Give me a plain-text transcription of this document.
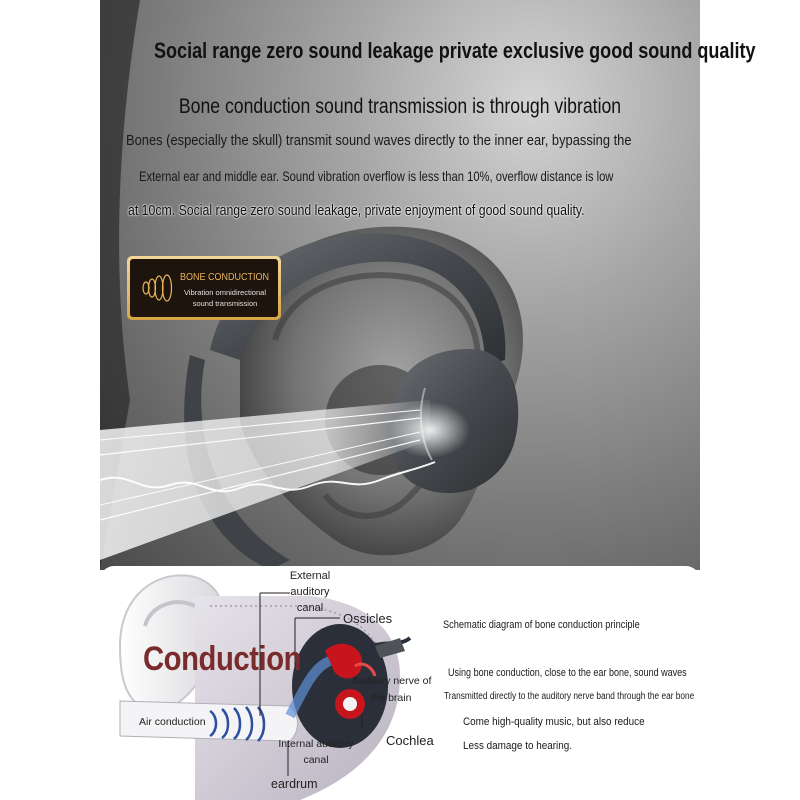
Social range zero sound leakage private exclusive good sound quality
Bone conduction sound transmission is through vibration
Bones (especially the skull) transmit sound waves directly to the inner ear, bypassing the
External ear and middle ear. Sound vibration overflow is less than 10%, overflow distance is low
at 10cm. Social range zero sound leakage, private enjoyment of good sound quality.
BONE CONDUCTION
Vibration omnidirectional
sound transmission
External
auditory
canal
Ossicles
Conduction
Auditory nerve of
the brain
Air conduction
Internal auditory
canal
Cochlea
eardrum
Schematic diagram of bone conduction principle
Using bone conduction, close to the ear bone, sound waves
Transmitted directly to the auditory nerve band through the ear bone
Come high-quality music, but also reduce
Less damage to hearing.
